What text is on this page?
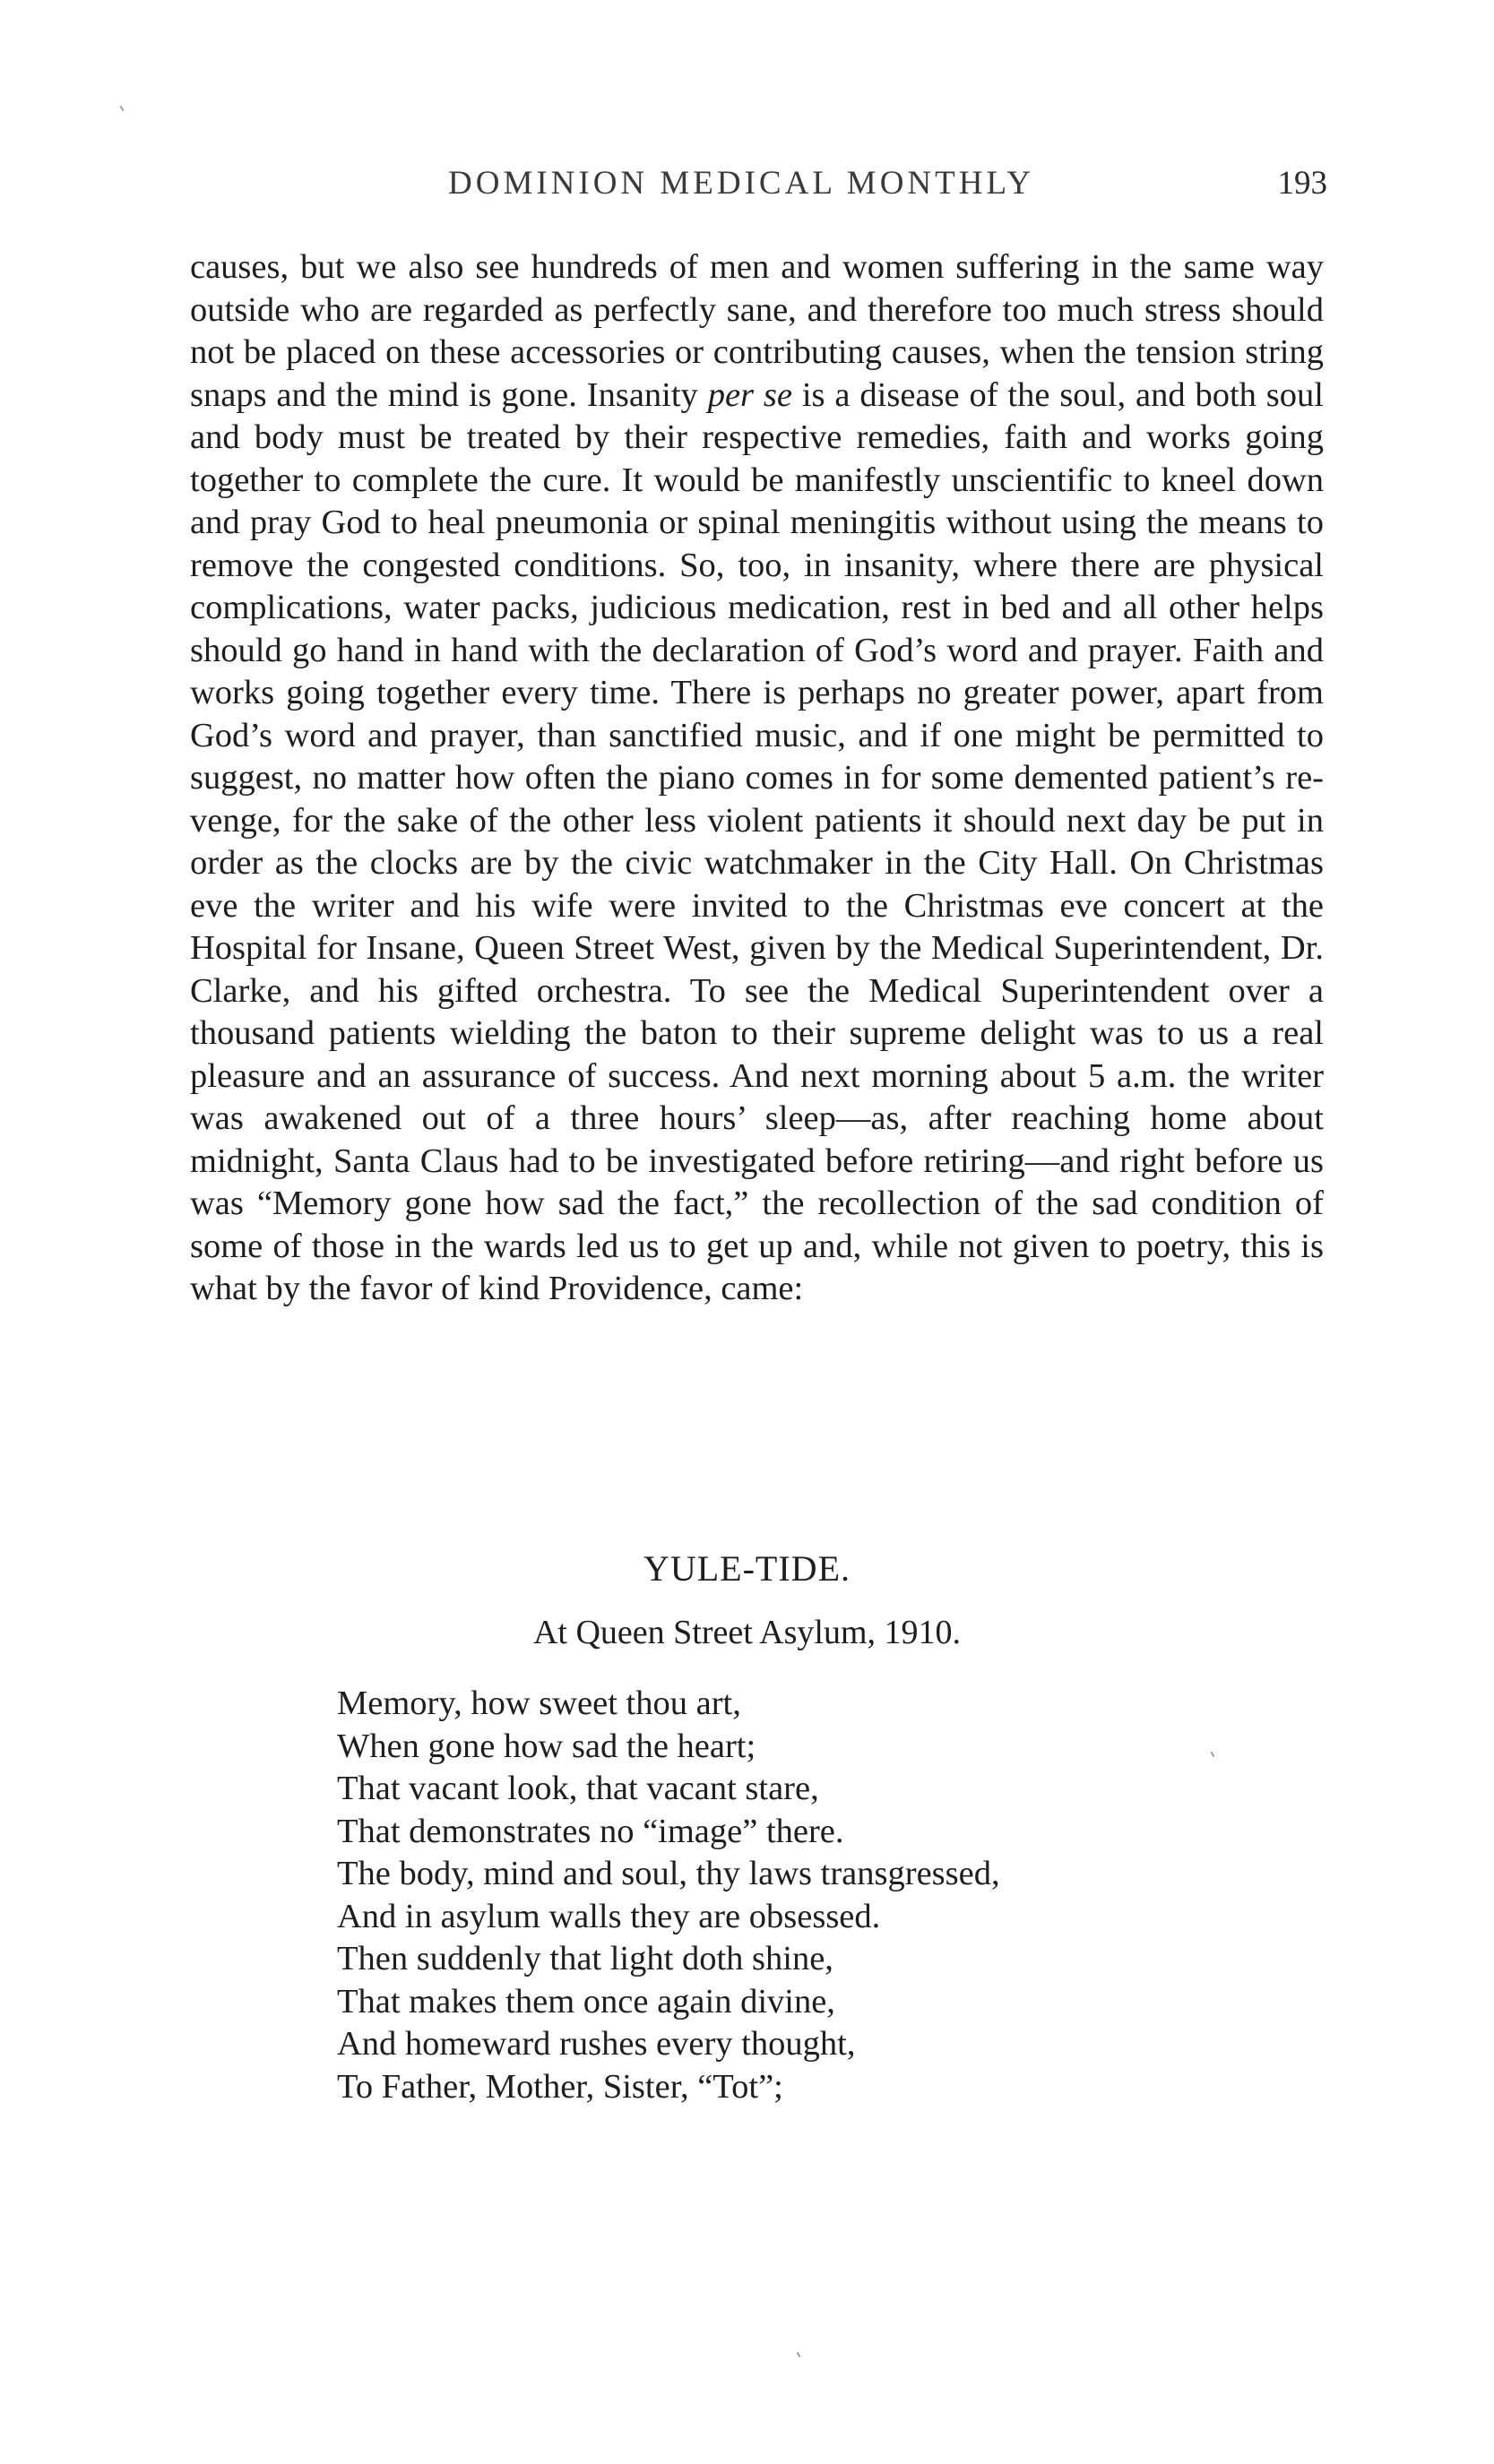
DOMINION MEDICAL MONTHLY	193

causes, but we also see hundreds of men and women suffering in the same way outside who are regarded as perfectly sane, and therefore too much stress should not be placed on these accessories or contributing causes, when the tension string snaps and the mind is gone. Insanity per se is a disease of the soul, and both soul and body must be treated by their respective remedies, faith and works going together to complete the cure. It would be manifestly unscientific to kneel down and pray God to heal pneumonia or spinal meningitis without using the means to remove the congested conditions. So, too, in insanity, where there are physical complications, water packs, judicious medication, rest in bed and all other helps should go hand in hand with the declaration of God’s word and prayer. Faith and works going together every time. There is perhaps no greater power, apart from God’s word and prayer, than sanctified music, and if one might be permitted to suggest, no matter how often the piano comes in for some demented patient’s revenge, for the sake of the other less violent patients it should next day be put in order as the clocks are by the civic watchmaker in the City Hall. On Christmas eve the writer and his wife were invited to the Christmas eve concert at the Hospital for Insane, Queen Street West, given by the Medical Superintendent, Dr. Clarke, and his gifted orchestra. To see the Medical Superintendent over a thousand patients wielding the baton to their supreme delight was to us a real pleasure and an assurance of success. And next morning about 5 a.m. the writer was awakened out of a three hours’ sleep—as, after reaching home about midnight, Santa Claus had to be investigated before retiring—and right before us was “Memory gone how sad the fact,” the recollection of the sad condition of some of those in the wards led us to get up and, while not given to poetry, this is what by the favor of kind Providence, came:

YULE-TIDE.
At Queen Street Asylum, 1910.
Memory, how sweet thou art,
When gone how sad the heart;
That vacant look, that vacant stare,
That demonstrates no “image” there.
The body, mind and soul, thy laws transgressed,
And in asylum walls they are obsessed.
Then suddenly that light doth shine,
That makes them once again divine,
And homeward rushes every thought,
To Father, Mother, Sister, “Tot”;
